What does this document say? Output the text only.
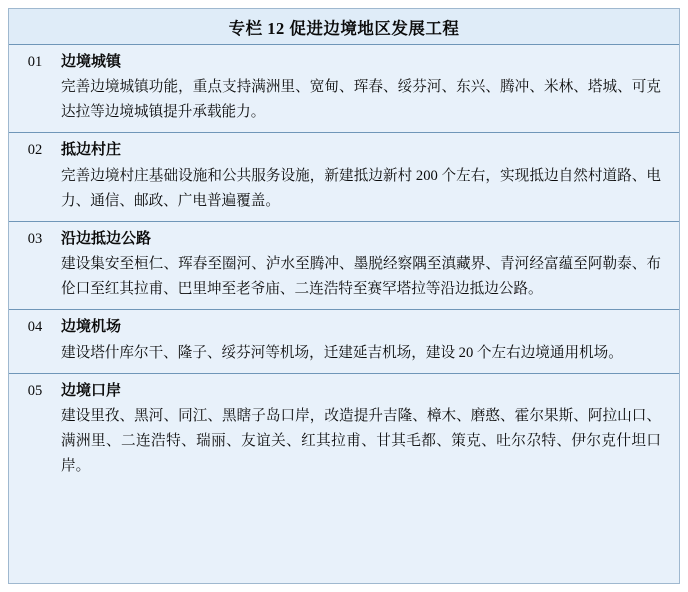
专栏 12 促进边境地区发展工程
01	边境城镇
完善边境城镇功能，重点支持满洲里、宽甸、珲春、绥芬河、东兴、腾冲、米林、塔城、可克达拉等边境城镇提升承载能力。
02	抵边村庄
完善边境村庄基础设施和公共服务设施，新建抵边新村 200 个左右，实现抵边自然村道路、电力、通信、邮政、广电普遍覆盖。
03	沿边抵边公路
建设集安至桓仁、珲春至圈河、泸水至腾冲、墨脱经察隅至滇藏界、青河经富蕴至阿勒泰、布伦口至红其拉甫、巴里坤至老爷庙、二连浩特至赛罕塔拉等沿边抵边公路。
04	边境机场
建设塔什库尔干、隆子、绥芬河等机场，迁建延吉机场，建设 20 个左右边境通用机场。
05	边境口岸
建设里孜、黑河、同江、黑瞎子岛口岸，改造提升吉隆、樟木、磨憨、霍尔果斯、阿拉山口、满洲里、二连浩特、瑞丽、友谊关、红其拉甫、甘其毛都、策克、吐尔尕特、伊尔克什坦口岸。
